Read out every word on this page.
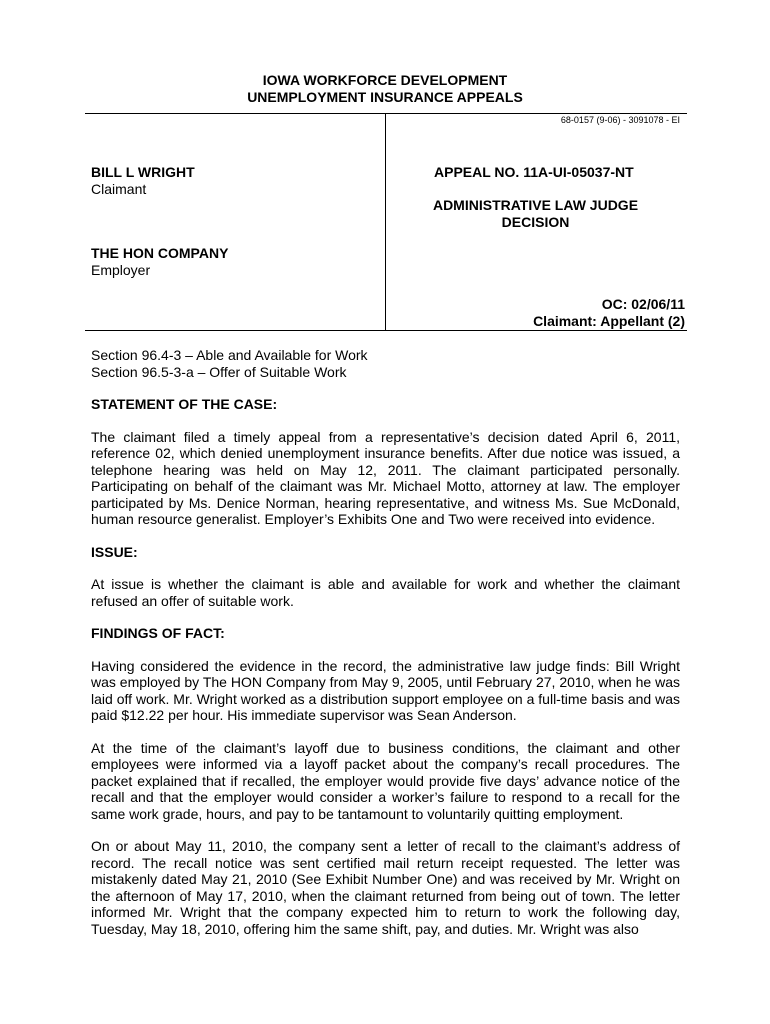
IOWA WORKFORCE DEVELOPMENT
UNEMPLOYMENT INSURANCE APPEALS
68-0157 (9-06) - 3091078 - EI
BILL L WRIGHT
Claimant
THE HON COMPANY
Employer
APPEAL NO. 11A-UI-05037-NT
ADMINISTRATIVE LAW JUDGE
DECISION
OC: 02/06/11
Claimant: Appellant (2)

Section 96.4-3 – Able and Available for Work

Section 96.5-3-a – Offer of Suitable Work

STATEMENT OF THE CASE:

The claimant filed a timely appeal from a representative’s decision dated April 6, 2011, reference 02, which denied unemployment insurance benefits. After due notice was issued, a telephone hearing was held on May 12, 2011. The claimant participated personally. Participating on behalf of the claimant was Mr. Michael Motto, attorney at law. The employer participated by Ms. Denice Norman, hearing representative, and witness Ms. Sue McDonald, human resource generalist. Employer’s Exhibits One and Two were received into evidence.

ISSUE:

At issue is whether the claimant is able and available for work and whether the claimant refused an offer of suitable work.

FINDINGS OF FACT:

Having considered the evidence in the record, the administrative law judge finds: Bill Wright was employed by The HON Company from May 9, 2005, until February 27, 2010, when he was laid off work. Mr. Wright worked as a distribution support employee on a full-time basis and was paid $12.22 per hour. His immediate supervisor was Sean Anderson.

At the time of the claimant’s layoff due to business conditions, the claimant and other employees were informed via a layoff packet about the company’s recall procedures. The packet explained that if recalled, the employer would provide five days’ advance notice of the recall and that the employer would consider a worker’s failure to respond to a recall for the same work grade, hours, and pay to be tantamount to voluntarily quitting employment.

On or about May 11, 2010, the company sent a letter of recall to the claimant’s address of record. The recall notice was sent certified mail return receipt requested. The letter was mistakenly dated May 21, 2010 (See Exhibit Number One) and was received by Mr. Wright on the afternoon of May 17, 2010, when the claimant returned from being out of town. The letter informed Mr. Wright that the company expected him to return to work the following day, Tuesday, May 18, 2010, offering him the same shift, pay, and duties. Mr. Wright was also
